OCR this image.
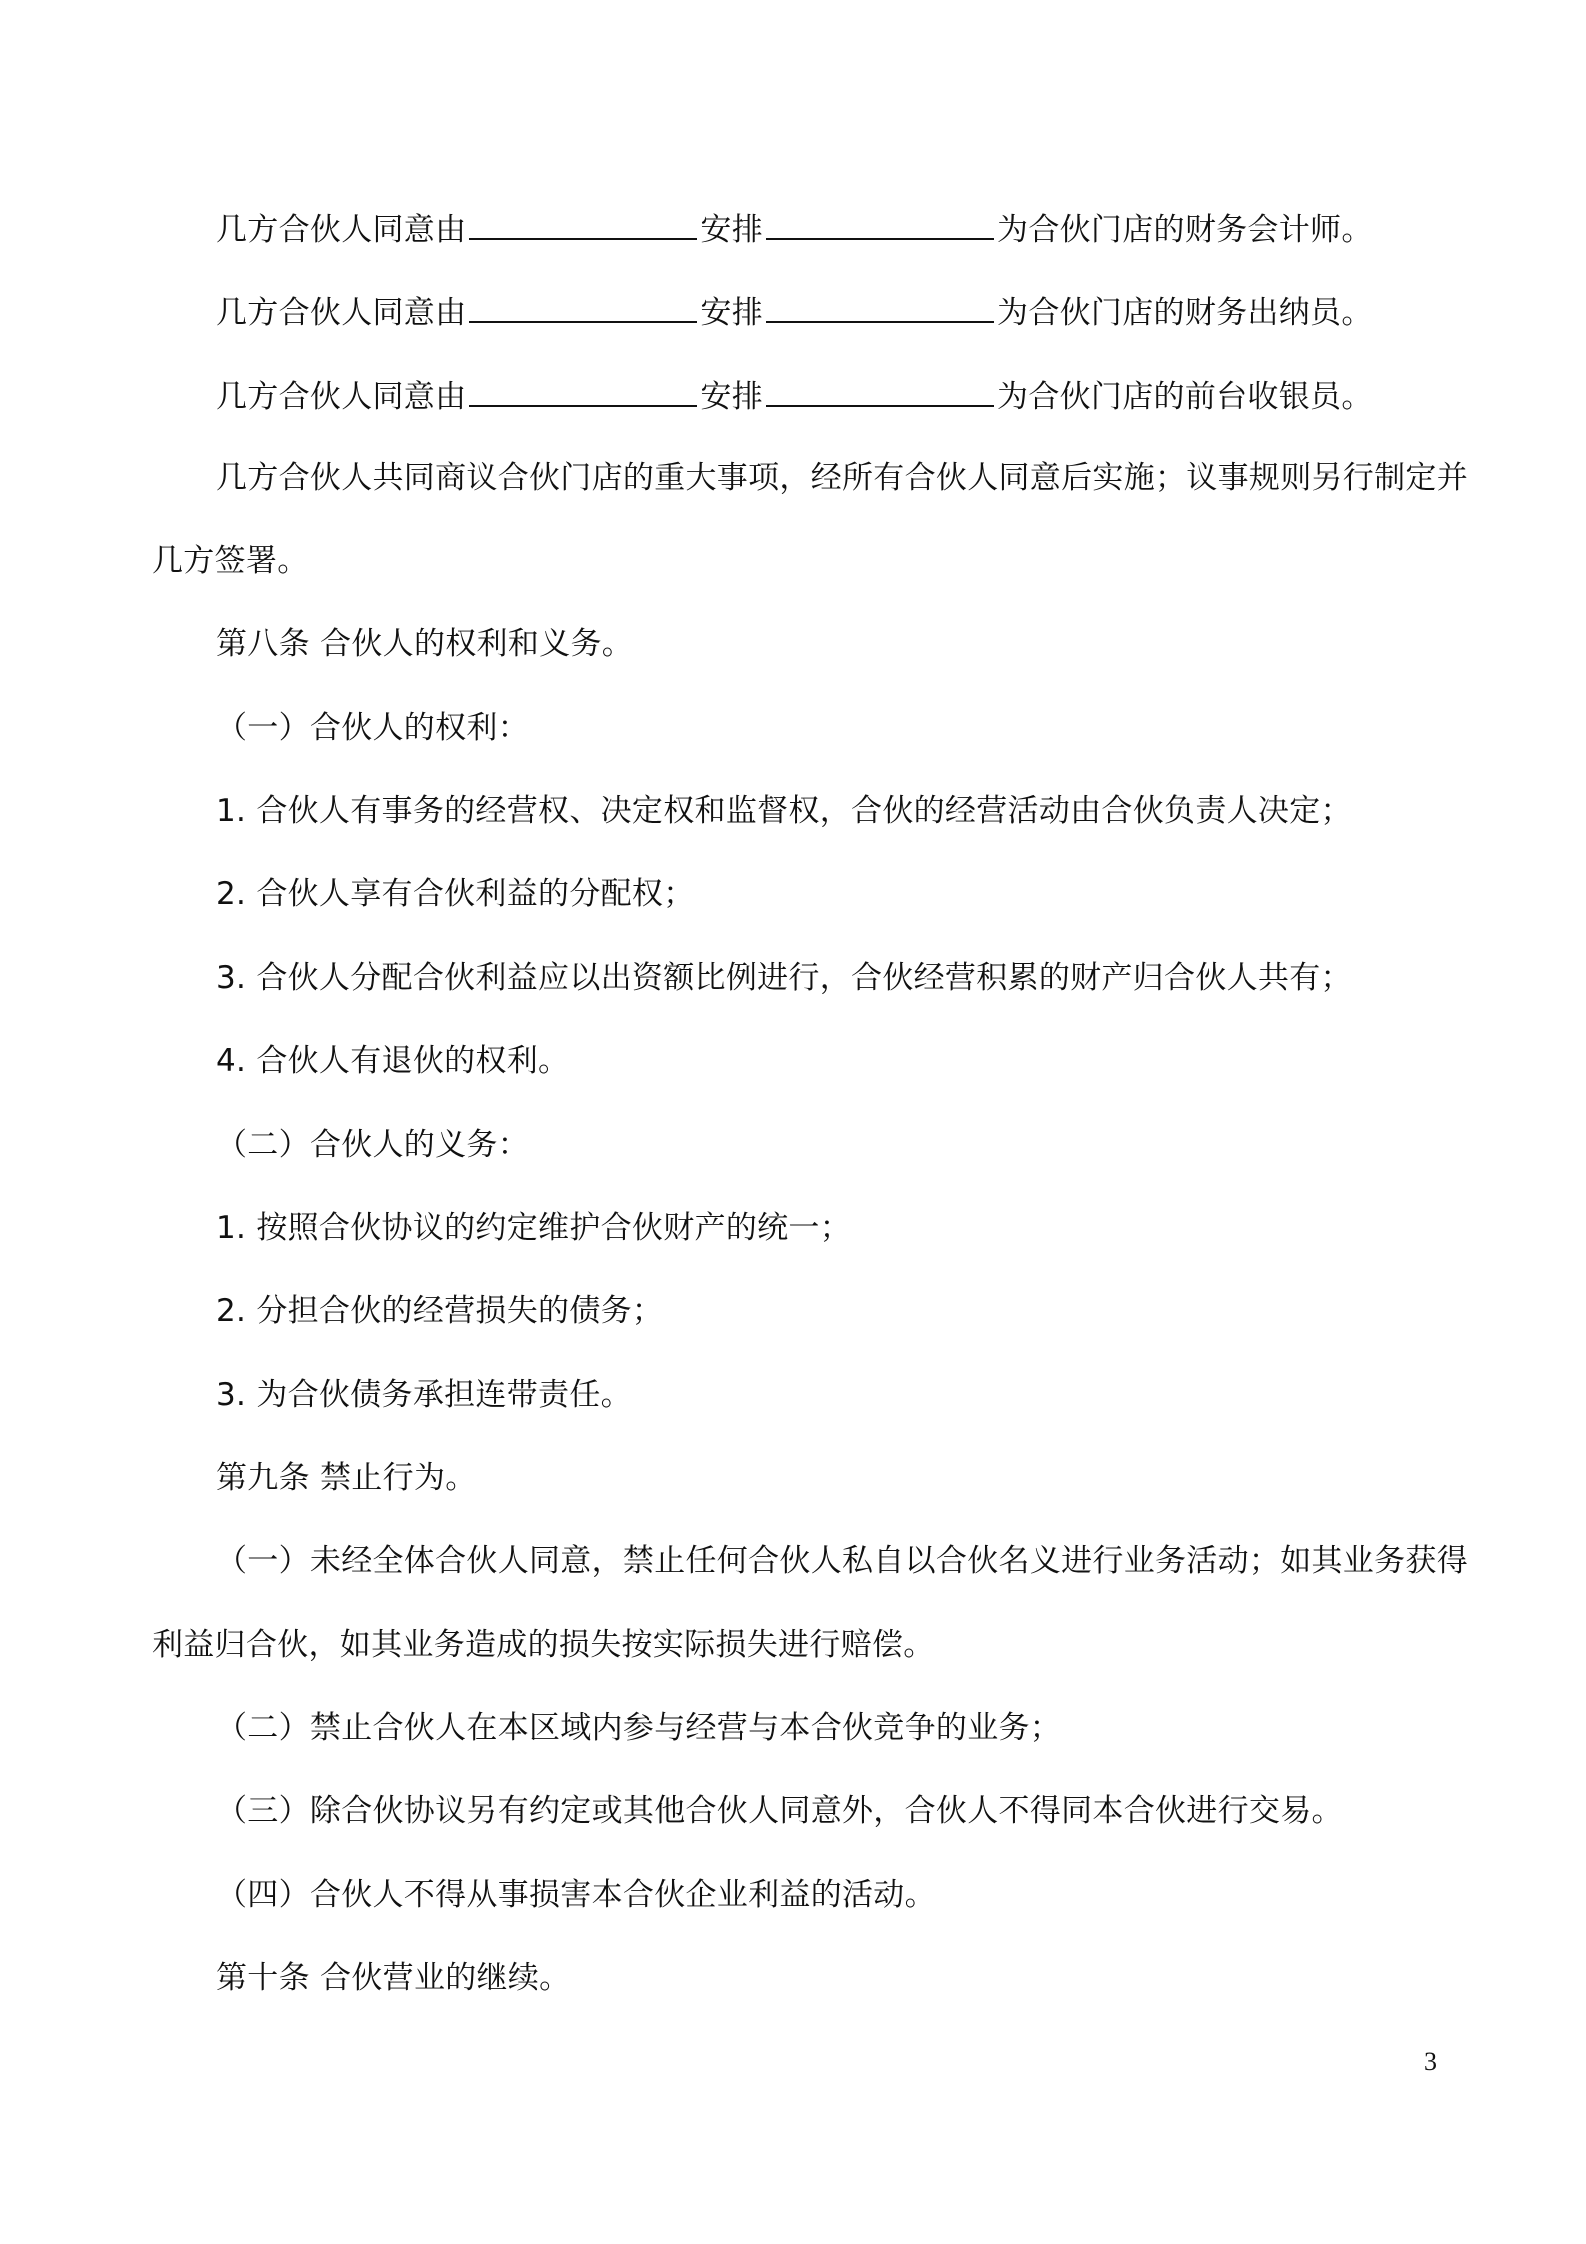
几方合伙人同意由	安排	为合伙门店的财务会计师。
几方合伙人同意由	安排	为合伙门店的财务出纳员。
几方合伙人同意由	安排	为合伙门店的前台收银员。
几方合伙人共同商议合伙门店的重大事项，经所有合伙人同意后实施；议事规则另行制定并
几方签署。
第八条 合伙人的权利和义务。
（一）合伙人的权利：
1. 合伙人有事务的经营权、决定权和监督权，合伙的经营活动由合伙负责人决定；
2. 合伙人享有合伙利益的分配权；
3. 合伙人分配合伙利益应以出资额比例进行，合伙经营积累的财产归合伙人共有；
4. 合伙人有退伙的权利。
（二）合伙人的义务：
1. 按照合伙协议的约定维护合伙财产的统一；
2. 分担合伙的经营损失的债务；
3. 为合伙债务承担连带责任。
第九条 禁止行为。
（一）未经全体合伙人同意，禁止任何合伙人私自以合伙名义进行业务活动；如其业务获得
利益归合伙，如其业务造成的损失按实际损失进行赔偿。
（二）禁止合伙人在本区域内参与经营与本合伙竞争的业务；
（三）除合伙协议另有约定或其他合伙人同意外，合伙人不得同本合伙进行交易。
（四）合伙人不得从事损害本合伙企业利益的活动。
第十条 合伙营业的继续。
3
